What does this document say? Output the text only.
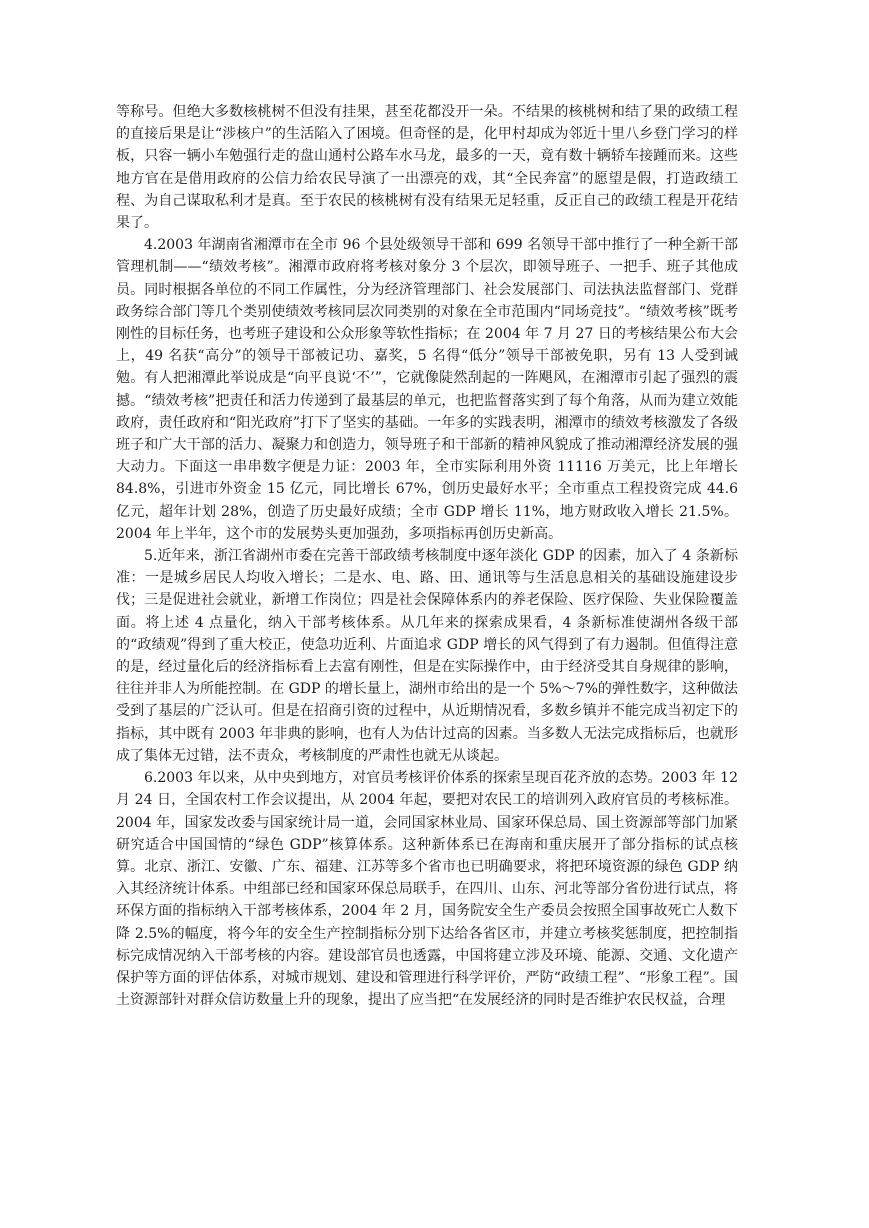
等称号。但绝大多数核桃树不但没有挂果，甚至花都没开一朵。不结果的核桃树和结了果的政绩工程的直接后果是让“涉核户”的生活陷入了困境。但奇怪的是，化甲村却成为邻近十里八乡登门学习的样板，只容一辆小车勉强行走的盘山通村公路车水马龙，最多的一天，竟有数十辆轿车接踵而来。这些地方官在是借用政府的公信力给农民导演了一出漂亮的戏，其“全民奔富”的愿望是假，打造政绩工程、为自己谋取私利才是真。至于农民的核桃树有没有结果无足轻重，反正自己的政绩工程是开花结果了。

4.2003 年湖南省湘潭市在全市 96 个县处级领导干部和 699 名领导干部中推行了一种全新干部管理机制——“绩效考核”。湘潭市政府将考核对象分 3 个层次，即领导班子、一把手、班子其他成员。同时根据各单位的不同工作属性，分为经济管理部门、社会发展部门、司法执法监督部门、党群政务综合部门等几个类别使绩效考核同层次同类别的对象在全市范围内“同场竞技”。“绩效考核”既考刚性的目标任务，也考班子建设和公众形象等软性指标；在 2004 年 7 月 27 日的考核结果公布大会上，49 名获“高分”的领导干部被记功、嘉奖，5 名得“低分”领导干部被免职，另有 13 人受到诫勉。有人把湘潭此举说成是“向平良说‘不’”，它就像陡然刮起的一阵飓风，在湘潭市引起了强烈的震撼。“绩效考核”把责任和活力传递到了最基层的单元，也把监督落实到了每个角落，从而为建立效能政府，责任政府和“阳光政府”打下了坚实的基础。一年多的实践表明，湘潭市的绩效考核激发了各级班子和广大干部的活力、凝聚力和创造力，领导班子和干部新的精神风貌成了推动湘潭经济发展的强大动力。下面这一串串数字便是力证：2003 年，全市实际利用外资 11116 万美元，比上年增长 84.8%，引进市外资金 15 亿元，同比增长 67%，创历史最好水平；全市重点工程投资完成 44.6 亿元，超年计划 28%，创造了历史最好成绩；全市 GDP 增长 11%，地方财政收入增长 21.5%。2004 年上半年，这个市的发展势头更加强劲，多项指标再创历史新高。

5.近年来，浙江省湖州市委在完善干部政绩考核制度中逐年淡化 GDP 的因素，加入了 4 条新标准：一是城乡居民人均收入增长；二是水、电、路、田、通讯等与生活息息相关的基础设施建设步伐；三是促进社会就业，新增工作岗位；四是社会保障体系内的养老保险、医疗保险、失业保险覆盖面。将上述 4 点量化，纳入干部考核体系。从几年来的探索成果看，4 条新标准使湖州各级干部的“政绩观”得到了重大校正，使急功近利、片面追求 GDP 增长的风气得到了有力遏制。但值得注意的是，经过量化后的经济指标看上去富有刚性，但是在实际操作中，由于经济受其自身规律的影响，往往并非人为所能控制。在 GDP 的增长量上，湖州市给出的是一个 5%～7%的弹性数字，这种做法受到了基层的广泛认可。但是在招商引资的过程中，从近期情况看，多数乡镇并不能完成当初定下的指标，其中既有 2003 年非典的影响，也有人为估计过高的因素。当多数人无法完成指标后，也就形成了集体无过错，法不责众，考核制度的严肃性也就无从谈起。

6.2003 年以来，从中央到地方，对官员考核评价体系的探索呈现百花齐放的态势。2003 年 12 月 24 日，全国农村工作会议提出，从 2004 年起，要把对农民工的培训列入政府官员的考核标准。2004 年，国家发改委与国家统计局一道，会同国家林业局、国家环保总局、国土资源部等部门加紧研究适合中国国情的“绿色 GDP”核算体系。这种新体系已在海南和重庆展开了部分指标的试点核算。北京、浙江、安徽、广东、福建、江苏等多个省市也已明确要求，将把环境资源的绿色 GDP 纳入其经济统计体系。中组部已经和国家环保总局联手，在四川、山东、河北等部分省份进行试点，将环保方面的指标纳入干部考核体系，2004 年 2 月，国务院安全生产委员会按照全国事故死亡人数下降 2.5%的幅度，将今年的安全生产控制指标分别下达给各省区市，并建立考核奖惩制度，把控制指标完成情况纳入干部考核的内容。建设部官员也透露，中国将建立涉及环境、能源、交通、文化遗产保护等方面的评估体系，对城市规划、建设和管理进行科学评价，严防“政绩工程”、“形象工程”。国土资源部针对群众信访数量上升的现象，提出了应当把“在发展经济的同时是否维护农民权益，合理
